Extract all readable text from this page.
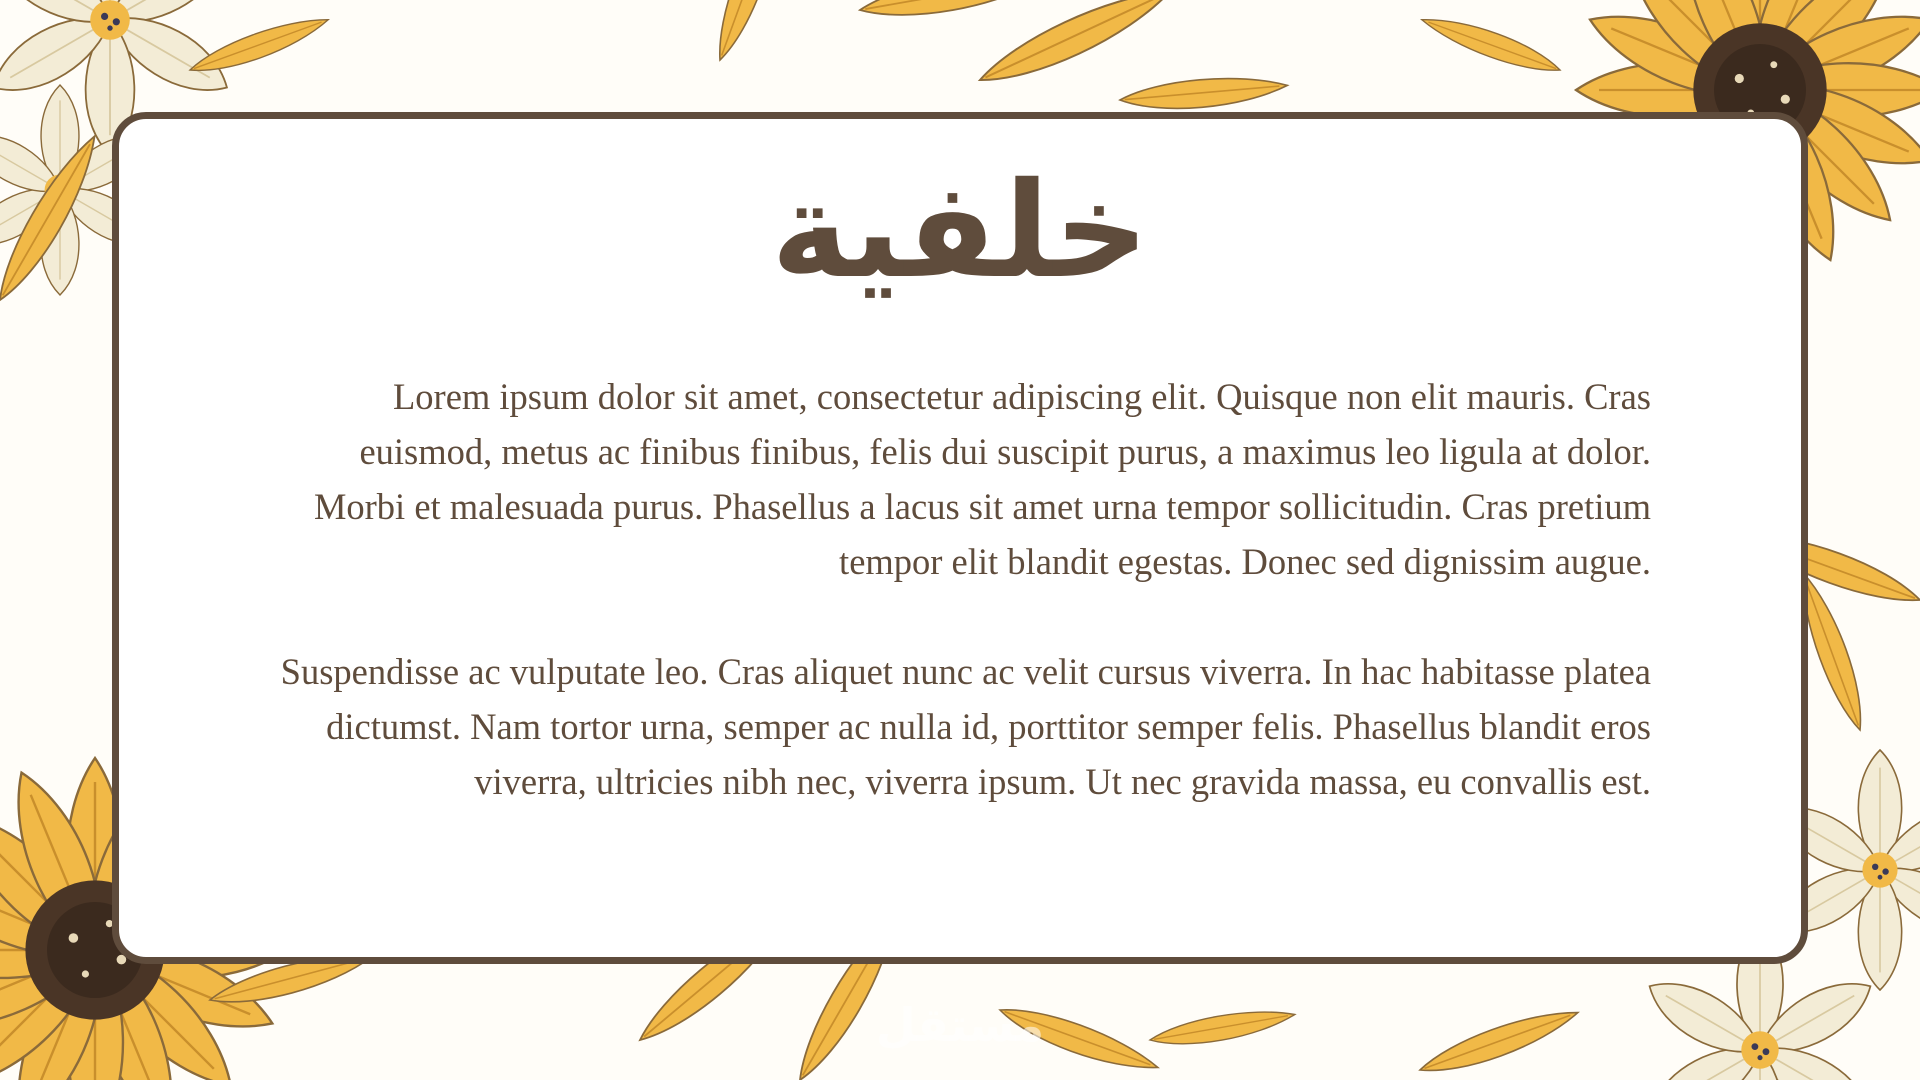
خلفية

Lorem ipsum dolor sit amet, consectetur adipiscing elit. Quisque non elit mauris. Cras euismod, metus ac finibus finibus, felis dui suscipit purus, a maximus leo ligula at dolor. Morbi et malesuada purus. Phasellus a lacus sit amet urna tempor sollicitudin. Cras pretium tempor elit blandit egestas. Donec sed dignissim augue.

Suspendisse ac vulputate leo. Cras aliquet nunc ac velit cursus viverra. In hac habitasse platea dictumst. Nam tortor urna, semper ac nulla id, porttitor semper felis. Phasellus blandit eros viverra, ultricies nibh nec, viverra ipsum. Ut nec gravida massa, eu convallis est.

مستقل
